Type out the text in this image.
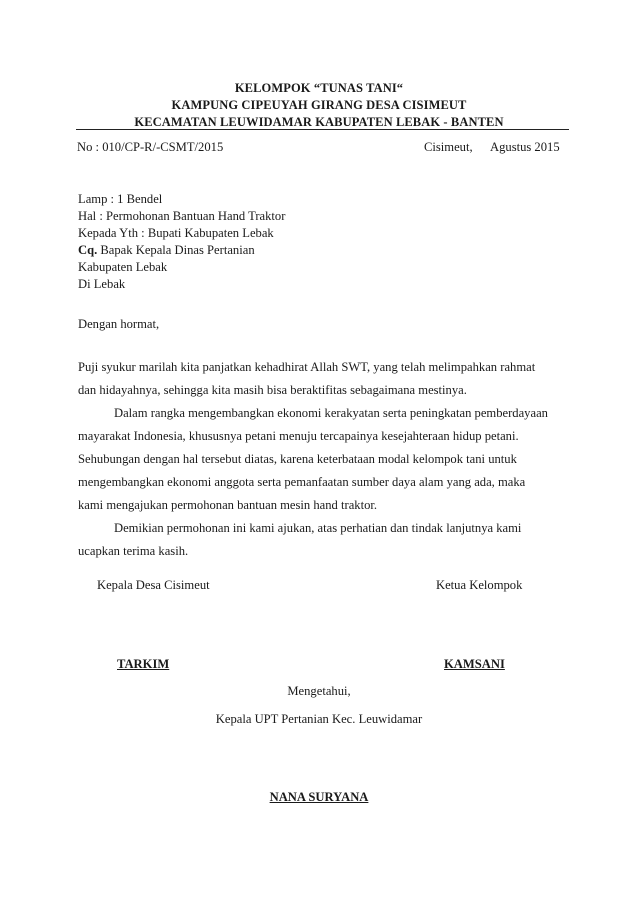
KELOMPOK “TUNAS TANI“
KAMPUNG CIPEUYAH GIRANG DESA CISIMEUT
KECAMATAN LEUWIDAMAR KABUPATEN LEBAK - BANTEN
No : 010/CP-R/-CSMT/2015	Cisimeut, Agustus 2015
Lamp : 1 Bendel
Hal : Permohonan Bantuan Hand Traktor
Kepada Yth : Bupati Kabupaten Lebak
Cq. Bapak Kepala Dinas Pertanian
Kabupaten Lebak
Di Lebak
Dengan hormat,
Puji syukur marilah kita panjatkan kehadhirat Allah SWT, yang telah melimpahkan rahmat
dan hidayahnya, sehingga kita masih bisa beraktifitas sebagaimana mestinya.
Dalam rangka mengembangkan ekonomi kerakyatan serta peningkatan pemberdayaan
mayarakat Indonesia, khususnya petani menuju tercapainya kesejahteraan hidup petani.
Sehubungan dengan hal tersebut diatas, karena keterbataan modal kelompok tani untuk
mengembangkan ekonomi anggota serta pemanfaatan sumber daya alam yang ada, maka
kami mengajukan permohonan bantuan mesin hand traktor.
Demikian permohonan ini kami ajukan, atas perhatian dan tindak lanjutnya kami
ucapkan terima kasih.
Kepala Desa Cisimeut	Ketua Kelompok
TARKIM	KAMSANI
Mengetahui,
Kepala UPT Pertanian Kec. Leuwidamar
NANA SURYANA
